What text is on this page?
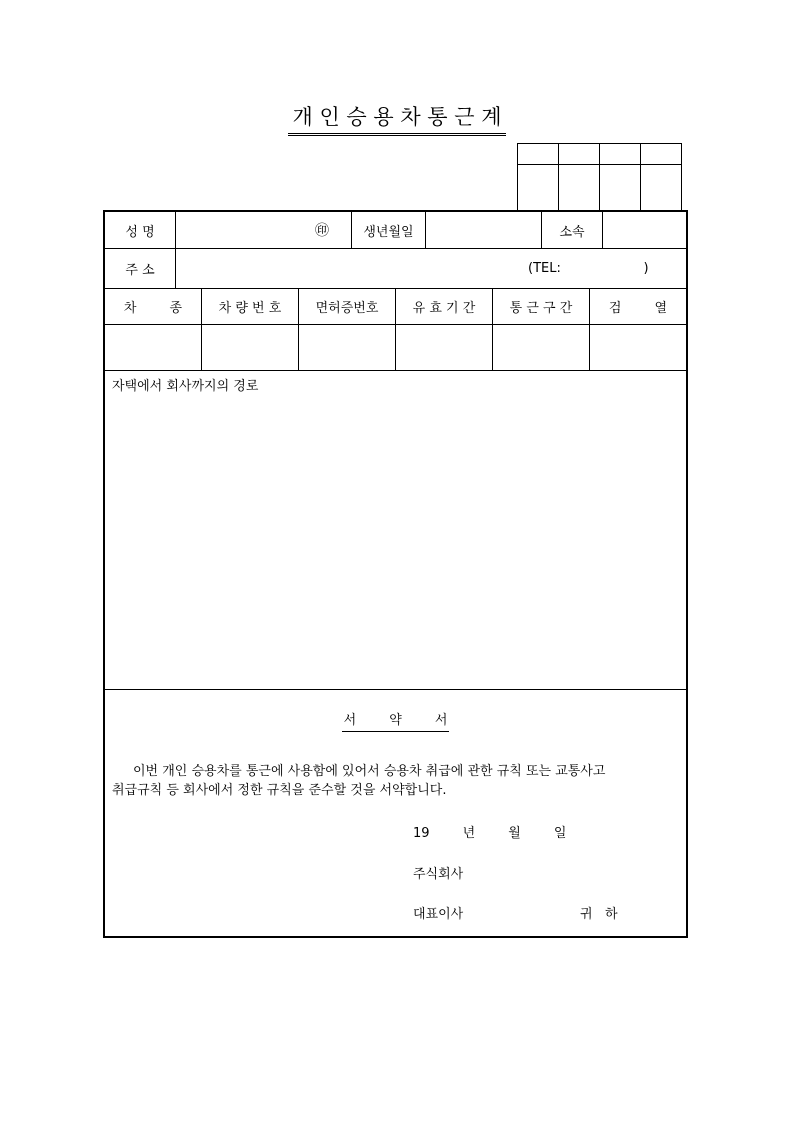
개 인 승 용 차 통 근 계

성 명	㊞	생년월일	소속
주 소	(TEL:                    )
차        종	차 량 번 호	면허증번호	유 효 기 간	통 근 구 간	검        열
자택에서 회사까지의 경로
서        약        서
이번 개인 승용차를 통근에 사용함에 있어서 승용차 취급에 관한 규칙 또는 교통사고
취급규칙 등 회사에서 정한 규칙을 준수할 것을 서약합니다.
19        년        월        일
주식회사
대표이사	귀   하
